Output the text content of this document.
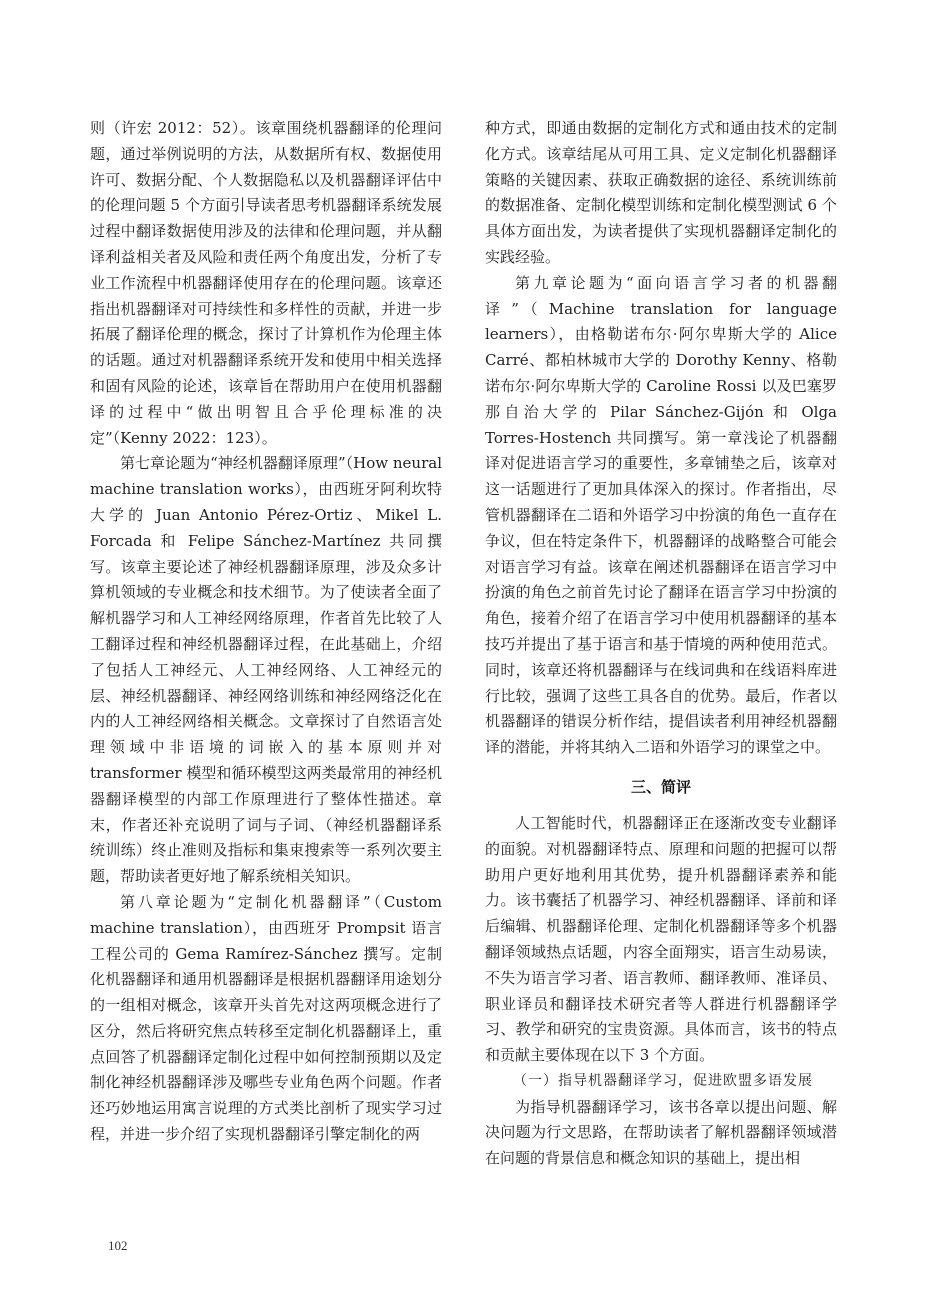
则（许宏 2012：52）。该章围绕机器翻译的伦理问题，通过举例说明的方法，从数据所有权、数据使用许可、数据分配、个人数据隐私以及机器翻译评估中的伦理问题 5 个方面引导读者思考机器翻译系统发展过程中翻译数据使用涉及的法律和伦理问题，并从翻译利益相关者及风险和责任两个角度出发，分析了专业工作流程中机器翻译使用存在的伦理问题。该章还指出机器翻译对可持续性和多样性的贡献，并进一步拓展了翻译伦理的概念，探讨了计算机作为伦理主体的话题。通过对机器翻译系统开发和使用中相关选择和固有风险的论述，该章旨在帮助用户在使用机器翻译的过程中“做出明智且合乎伦理标准的决定”（Kenny 2022：123）。

第七章论题为“神经机器翻译原理”（How neural machine translation works），由西班牙阿利坎特大学的 Juan Antonio Pérez-Ortiz、Mikel L. Forcada 和 Felipe Sánchez-Martínez 共同撰写。该章主要论述了神经机器翻译原理，涉及众多计算机领域的专业概念和技术细节。为了使读者全面了解机器学习和人工神经网络原理，作者首先比较了人工翻译过程和神经机器翻译过程，在此基础上，介绍了包括人工神经元、人工神经网络、人工神经元的层、神经机器翻译、神经网络训练和神经网络泛化在内的人工神经网络相关概念。文章探讨了自然语言处理领域中非语境的词嵌入的基本原则并对 transformer 模型和循环模型这两类最常用的神经机器翻译模型的内部工作原理进行了整体性描述。章末，作者还补充说明了词与子词、（神经机器翻译系统训练）终止准则及指标和集束搜索等一系列次要主题，帮助读者更好地了解系统相关知识。

第八章论题为“定制化机器翻译”（Custom machine translation），由西班牙 Prompsit 语言工程公司的 Gema Ramírez-Sánchez 撰写。定制化机器翻译和通用机器翻译是根据机器翻译用途划分的一组相对概念，该章开头首先对这两项概念进行了区分，然后将研究焦点转移至定制化机器翻译上，重点回答了机器翻译定制化过程中如何控制预期以及定制化神经机器翻译涉及哪些专业角色两个问题。作者还巧妙地运用寓言说理的方式类比剖析了现实学习过程，并进一步介绍了实现机器翻译引擎定制化的两

种方式，即通由数据的定制化方式和通由技术的定制化方式。该章结尾从可用工具、定义定制化机器翻译策略的关键因素、获取正确数据的途径、系统训练前的数据准备、定制化模型训练和定制化模型测试 6 个具体方面出发，为读者提供了实现机器翻译定制化的实践经验。

第九章论题为“面向语言学习者的机器翻译”（Machine translation for language learners），由格勒诺布尔·阿尔卑斯大学的 Alice Carré、都柏林城市大学的 Dorothy Kenny、格勒诺布尔·阿尔卑斯大学的 Caroline Rossi 以及巴塞罗那自治大学的 Pilar Sánchez-Gijón 和 Olga Torres-Hostench 共同撰写。第一章浅论了机器翻译对促进语言学习的重要性，多章铺垫之后，该章对这一话题进行了更加具体深入的探讨。作者指出，尽管机器翻译在二语和外语学习中扮演的角色一直存在争议，但在特定条件下，机器翻译的战略整合可能会对语言学习有益。该章在阐述机器翻译在语言学习中扮演的角色之前首先讨论了翻译在语言学习中扮演的角色，接着介绍了在语言学习中使用机器翻译的基本技巧并提出了基于语言和基于情境的两种使用范式。同时，该章还将机器翻译与在线词典和在线语料库进行比较，强调了这些工具各自的优势。最后，作者以机器翻译的错误分析作结，提倡读者利用神经机器翻译的潜能，并将其纳入二语和外语学习的课堂之中。

三、简评

人工智能时代，机器翻译正在逐渐改变专业翻译的面貌。对机器翻译特点、原理和问题的把握可以帮助用户更好地利用其优势，提升机器翻译素养和能力。该书囊括了机器学习、神经机器翻译、译前和译后编辑、机器翻译伦理、定制化机器翻译等多个机器翻译领域热点话题，内容全面翔实，语言生动易读，不失为语言学习者、语言教师、翻译教师、准译员、职业译员和翻译技术研究者等人群进行机器翻译学习、教学和研究的宝贵资源。具体而言，该书的特点和贡献主要体现在以下 3 个方面。

（一）指导机器翻译学习，促进欧盟多语发展

为指导机器翻译学习，该书各章以提出问题、解决问题为行文思路，在帮助读者了解机器翻译领域潜在问题的背景信息和概念知识的基础上，提出相

102
